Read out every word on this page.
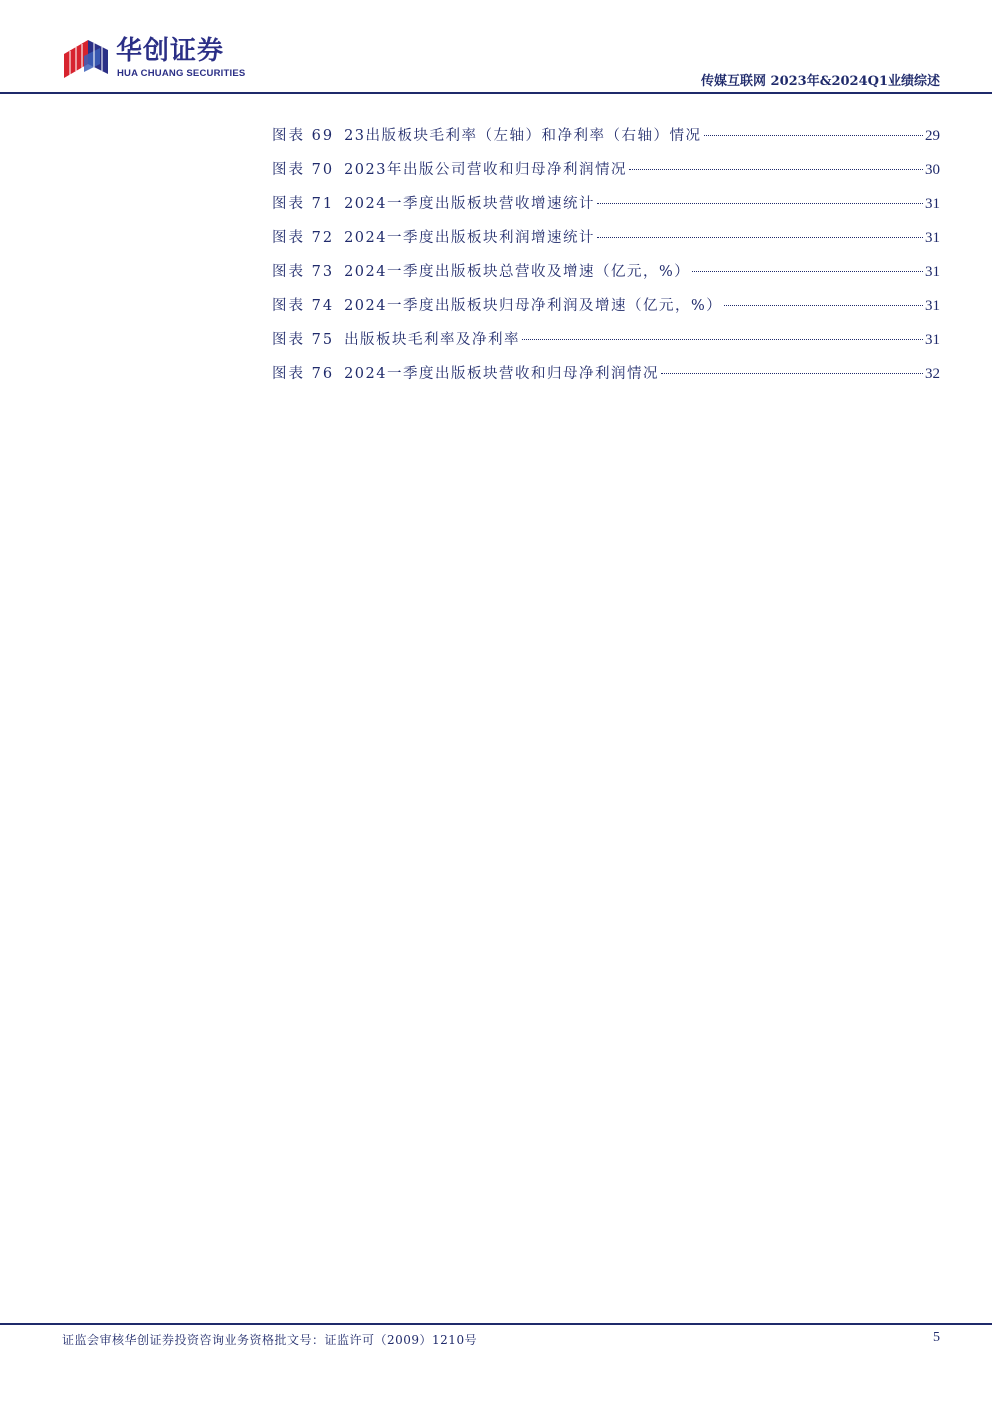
华创证券
HUA CHUANG SECURITIES
传媒互联网 2023年&2024Q1业绩综述
图表 69 23出版板块毛利率（左轴）和净利率（右轴）情况	29
图表 70 2023年出版公司营收和归母净利润情况	30
图表 71 2024一季度出版板块营收增速统计	31
图表 72 2024一季度出版板块利润增速统计	31
图表 73 2024一季度出版板块总营收及增速（亿元，%）	31
图表 74 2024一季度出版板块归母净利润及增速（亿元，%）	31
图表 75 出版板块毛利率及净利率	31
图表 76 2024一季度出版板块营收和归母净利润情况	32
证监会审核华创证券投资咨询业务资格批文号：证监许可（2009）1210号	5
